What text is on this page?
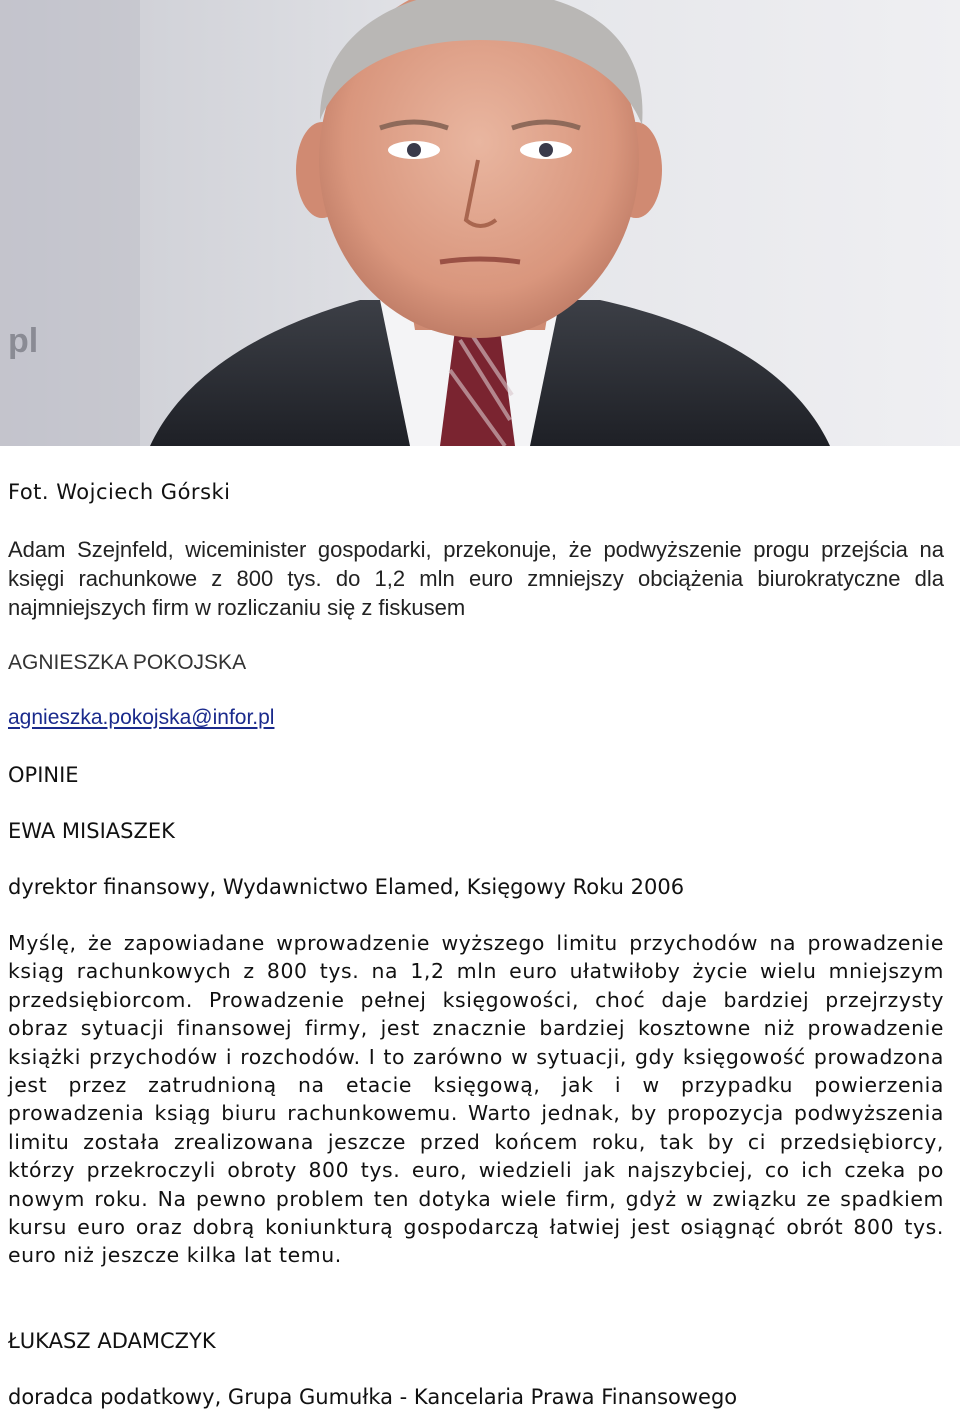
pl

Fot. Wojciech Górski

Adam Szejnfeld, wiceminister gospodarki, przekonuje, że podwyższenie progu przejścia na księgi rachunkowe z 800 tys. do 1,2 mln euro zmniejszy obciążenia biurokratyczne dla najmniejszych firm w rozliczaniu się z fiskusem

AGNIESZKA POKOJSKA

agnieszka.pokojska@infor.pl

OPINIE

EWA MISIASZEK

dyrektor finansowy, Wydawnictwo Elamed, Księgowy Roku 2006

Myślę, że zapowiadane wprowadzenie wyższego limitu przychodów na prowadzenie ksiąg rachunkowych z 800 tys. na 1,2 mln euro ułatwiłoby życie wielu mniejszym przedsiębiorcom. Prowadzenie pełnej księgowości, choć daje bardziej przejrzysty obraz sytuacji finansowej firmy, jest znacznie bardziej kosztowne niż prowadzenie książki przychodów i rozchodów. I to zarówno w sytuacji, gdy księgowość prowadzona jest przez zatrudnioną na etacie księgową, jak i w przypadku powierzenia prowadzenia ksiąg biuru rachunkowemu. Warto jednak, by propozycja podwyższenia limitu została zrealizowana jeszcze przed końcem roku, tak by ci przedsiębiorcy, którzy przekroczyli obroty 800 tys. euro, wiedzieli jak najszybciej, co ich czeka po nowym roku. Na pewno problem ten dotyka wiele firm, gdyż w związku ze spadkiem kursu euro oraz dobrą koniunkturą gospodarczą łatwiej jest osiągnąć obrót 800 tys. euro niż jeszcze kilka lat temu.

ŁUKASZ ADAMCZYK

doradca podatkowy, Grupa Gumułka - Kancelaria Prawa Finansowego
